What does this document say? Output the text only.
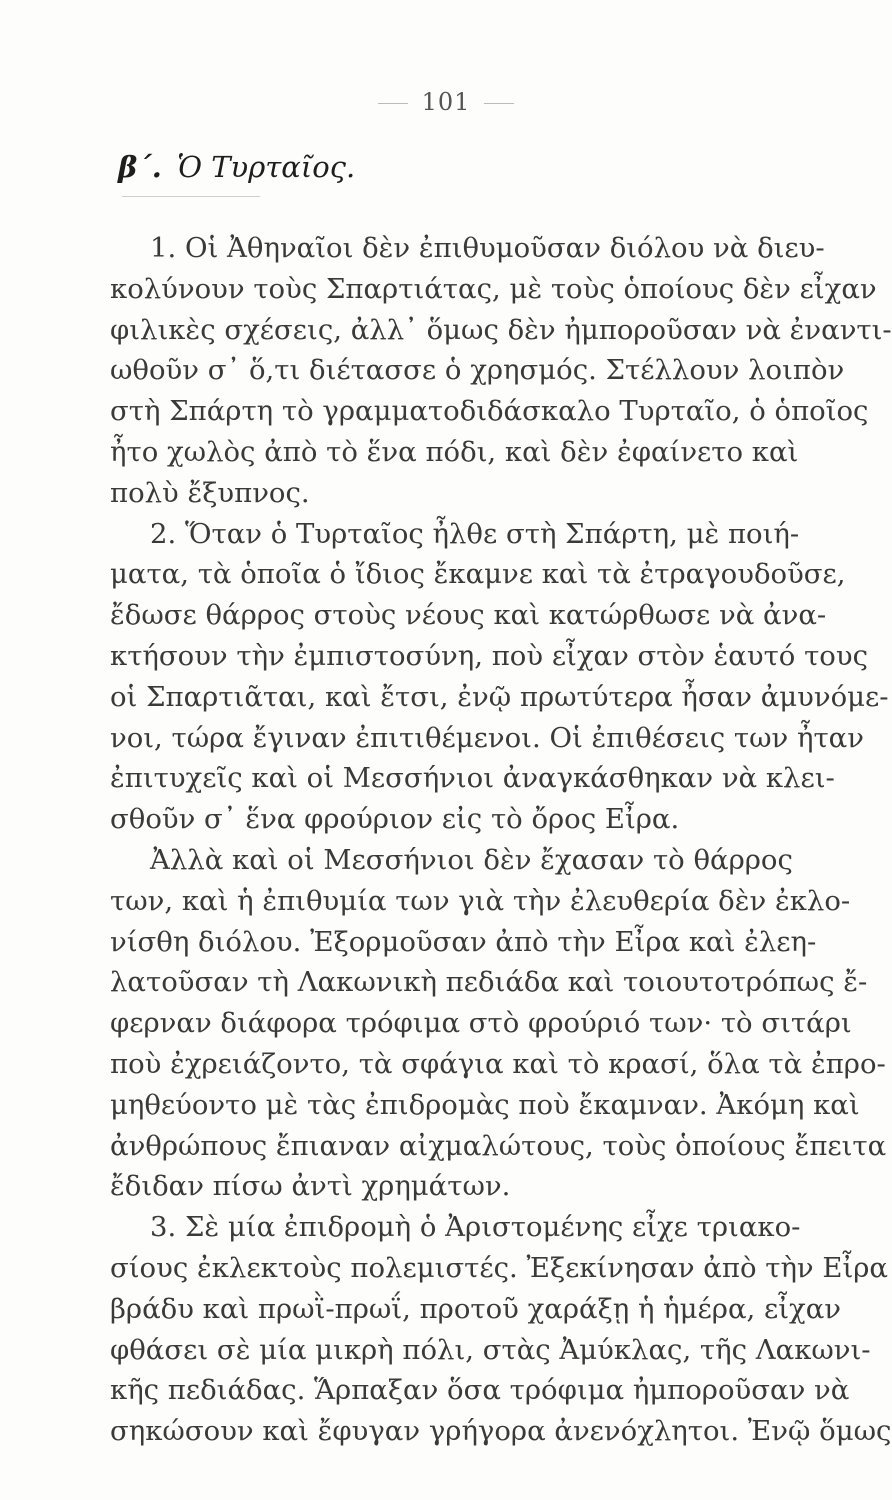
101
β΄. Ὁ Τυρταῖος.
1. Οἱ Ἀθηναῖοι δὲν ἐπιθυμοῦσαν διόλου νὰ διευ-
κολύνουν τοὺς Σπαρτιάτας, μὲ τοὺς ὁποίους δὲν εἶχαν
φιλικὲς σχέσεις, ἀλλ᾿ ὅμως δὲν ἠμποροῦσαν νὰ ἐναντι-
ωθοῦν σ᾿ ὅ,τι διέτασσε ὁ χρησμός. Στέλλουν λοιπὸν
στὴ Σπάρτη τὸ γραμματοδιδάσκαλο Τυρταῖο, ὁ ὁποῖος
ἦτο χωλὸς ἀπὸ τὸ ἕνα πόδι, καὶ δὲν ἐφαίνετο καὶ
πολὺ ἔξυπνος.
2. Ὅταν ὁ Τυρταῖος ἦλθε στὴ Σπάρτη, μὲ ποιή-
ματα, τὰ ὁποῖα ὁ ἴδιος ἔκαμνε καὶ τὰ ἐτραγουδοῦσε,
ἔδωσε θάρρος στοὺς νέους καὶ κατώρθωσε νὰ ἀνα-
κτήσουν τὴν ἐμπιστοσύνη, ποὺ εἶχαν στὸν ἑαυτό τους
οἱ Σπαρτιᾶται, καὶ ἔτσι, ἐνῷ πρωτύτερα ἦσαν ἀμυνόμε-
νοι, τώρα ἔγιναν ἐπιτιθέμενοι. Οἱ ἐπιθέσεις των ἦταν
ἐπιτυχεῖς καὶ οἱ Μεσσήνιοι ἀναγκάσθηκαν νὰ κλει-
σθοῦν σ᾿ ἕνα φρούριον εἰς τὸ ὄρος Εἶρα.
Ἀλλὰ καὶ οἱ Μεσσήνιοι δὲν ἔχασαν τὸ θάρρος
των, καὶ ἡ ἐπιθυμία των γιὰ τὴν ἐλευθερία δὲν ἐκλο-
νίσθη διόλου. Ἐξορμοῦσαν ἀπὸ τὴν Εἶρα καὶ ἐλεη-
λατοῦσαν τὴ Λακωνικὴ πεδιάδα καὶ τοιουτοτρόπως ἔ-
φερναν διάφορα τρόφιμα στὸ φρούριό των· τὸ σιτάρι
ποὺ ἐχρειάζοντο, τὰ σφάγια καὶ τὸ κρασί, ὅλα τὰ ἐπρο-
μηθεύοντο μὲ τὰς ἐπιδρομὰς ποὺ ἔκαμναν. Ἀκόμη καὶ
ἀνθρώπους ἔπιαναν αἰχμαλώτους, τοὺς ὁποίους ἔπειτα
ἔδιδαν πίσω ἀντὶ χρημάτων.
3. Σὲ μία ἐπιδρομὴ ὁ Ἀριστομένης εἶχε τριακο-
σίους ἐκλεκτοὺς πολεμιστές. Ἐξεκίνησαν ἀπὸ τὴν Εἶρα
βράδυ καὶ πρωῒ-πρωΐ, προτοῦ χαράξῃ ἡ ἡμέρα, εἶχαν
φθάσει σὲ μία μικρὴ πόλι, στὰς Ἀμύκλας, τῆς Λακωνι-
κῆς πεδιάδας. Ἅρπαξαν ὅσα τρόφιμα ἠμποροῦσαν νὰ
σηκώσουν καὶ ἔφυγαν γρήγορα ἀνενόχλητοι. Ἐνῷ ὅμως
